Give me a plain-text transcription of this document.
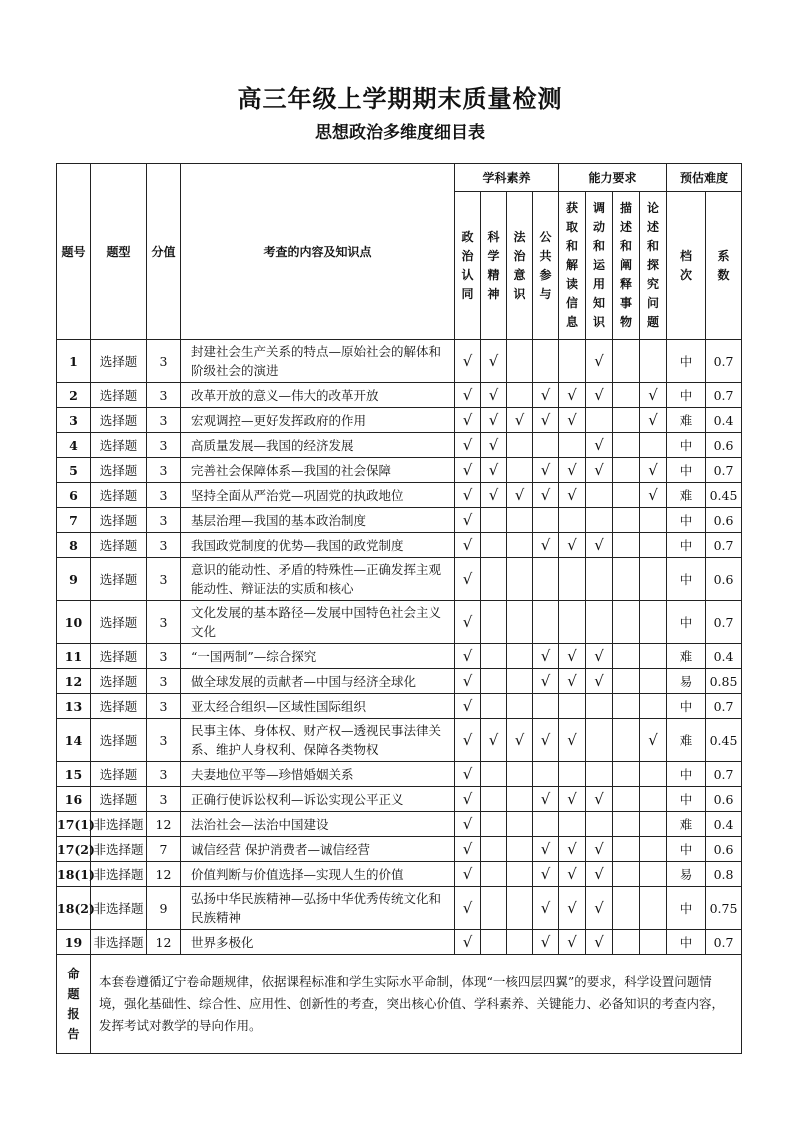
高三年级上学期期末质量检测
思想政治多维度细目表
题号	题型	分值	考查的内容及知识点	学科素养				能力要求				预估难度	

				政治认同	科学精神	法治意识	公共参与	获取和解读信息	调动和运用知识	描述和阐释事物	论述和探究问题	档次	系数

1	选择题	3	封建社会生产关系的特点—原始社会的解体和阶级社会的演进	√	√				√			中	0.7
2	选择题	3	改革开放的意义—伟大的改革开放	√	√		√	√	√		√	中	0.7
3	选择题	3	宏观调控—更好发挥政府的作用	√	√	√	√	√			√	难	0.4
4	选择题	3	高质量发展—我国的经济发展	√	√				√			中	0.6
5	选择题	3	完善社会保障体系—我国的社会保障	√	√		√	√	√		√	中	0.7
6	选择题	3	坚持全面从严治党—巩固党的执政地位	√	√	√	√	√			√	难	0.45
7	选择题	3	基层治理—我国的基本政治制度	√								中	0.6
8	选择题	3	我国政党制度的优势—我国的政党制度	√			√	√	√			中	0.7
9	选择题	3	意识的能动性、矛盾的特殊性—正确发挥主观能动性、辩证法的实质和核心	√								中	0.6
10	选择题	3	文化发展的基本路径—发展中国特色社会主义文化	√								中	0.7
11	选择题	3	“一国两制”—综合探究	√			√	√	√			难	0.4
12	选择题	3	做全球发展的贡献者—中国与经济全球化	√			√	√	√			易	0.85
13	选择题	3	亚太经合组织—区域性国际组织	√								中	0.7
14	选择题	3	民事主体、身体权、财产权—透视民事法律关系、维护人身权利、保障各类物权	√	√	√	√	√			√	难	0.45
15	选择题	3	夫妻地位平等—珍惜婚姻关系	√								中	0.7
16	选择题	3	正确行使诉讼权利—诉讼实现公平正义	√			√	√	√			中	0.6
17(1)	非选择题	12	法治社会—法治中国建设	√								难	0.4
17(2)	非选择题	7	诚信经营 保护消费者—诚信经营	√			√	√	√			中	0.6
18(1)	非选择题	12	价值判断与价值选择—实现人生的价值	√			√	√	√			易	0.8
18(2)	非选择题	9	弘扬中华民族精神—弘扬中华优秀传统文化和民族精神	√			√	√	√			中	0.75
19	非选择题	12	世界多极化	√			√	√	√			中	0.7

命
题
报
告	本套卷遵循辽宁卷命题规律，依据课程标准和学生实际水平命制，体现“一核四层四翼”的要求，科学设置问题情境，强化基础性、综合性、应用性、创新性的考查，突出核心价值、学科素养、关键能力、必备知识的考查内容，发挥考试对教学的导向作用。												
